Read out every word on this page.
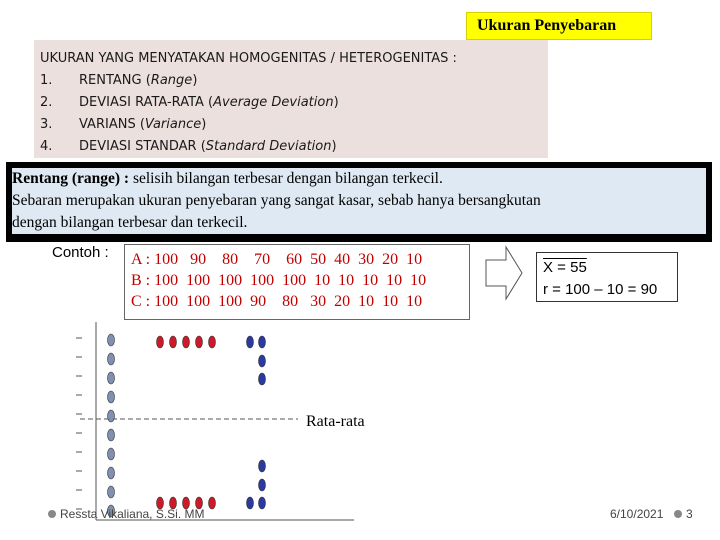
Ukuran Penyebaran
UKURAN YANG MENYATAKAN HOMOGENITAS / HETEROGENITAS :
1.	RENTANG (Range)
2.	DEVIASI RATA-RATA (Average Deviation)
3.	VARIANS (Variance)
4.	DEVIASI STANDAR (Standard Deviation)
Rentang (range) : selisih bilangan terbesar dengan bilangan terkecil.
Sebaran merupakan ukuran penyebaran yang sangat kasar, sebab hanya bersangkutan
dengan bilangan terbesar dan terkecil.
Contoh : A : 100   90    80    70    60  50  40  30  20  10
B : 100  100  100  100  100  10  10  10  10  10
C : 100  100  100  90    80   30  20  10  10  10
X = 55
r = 100 – 10 = 90
Rata-rata
Ressta Vikaliana, S.Si. MM	6/10/2021	3
